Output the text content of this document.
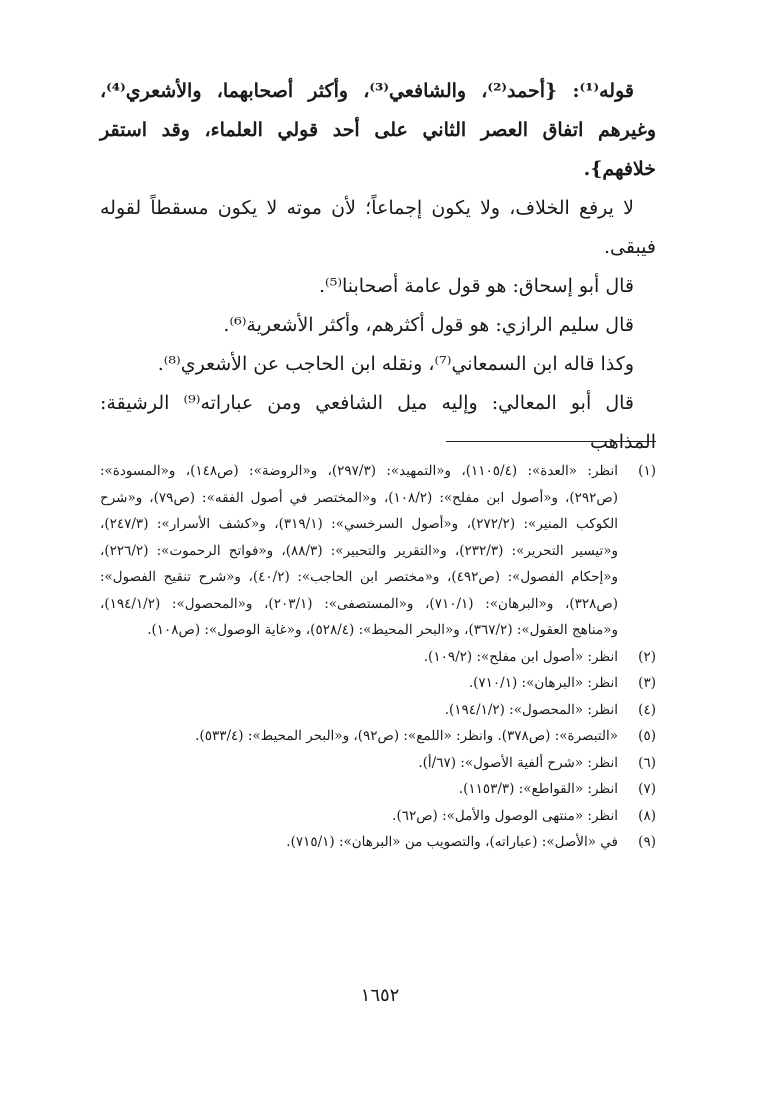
قوله⁽¹⁾: {أحمد⁽²⁾، والشافعي⁽³⁾، وأكثر أصحابهما، والأشعري⁽⁴⁾، وغيرهم اتفاق العصر الثاني على أحد قولي العلماء، وقد استقر خلافهم}.

لا يرفع الخلاف، ولا يكون إجماعاً؛ لأن موته لا يكون مسقطاً لقوله فيبقى.

قال أبو إسحاق: هو قول عامة أصحابنا⁽⁵⁾.

قال سليم الرازي: هو قول أكثرهم، وأكثر الأشعرية⁽⁶⁾.

وكذا قاله ابن السمعاني⁽⁷⁾، ونقله ابن الحاجب عن الأشعري⁽⁸⁾.

قال أبو المعالي: وإليه ميل الشافعي ومن عباراته⁽⁹⁾ الرشيقة: المذاهب

(١)
انظر: «العدة»: (١١٠٥/٤)، و«التمهيد»: (٢٩٧/٣)، و«الروضة»: (ص١٤٨)، و«المسودة»: (ص٢٩٢)، و«أصول ابن مفلح»: (١٠٨/٢)، و«المختصر في أصول الفقه»: (ص٧٩)، و«شرح الكوكب المنير»: (٢٧٢/٢)، و«أصول السرخسي»: (٣١٩/١)، و«كشف الأسرار»: (٢٤٧/٣)، و«تيسير التحرير»: (٢٣٢/٣)، و«التقرير والتحبير»: (٨٨/٣)، و«فواتح الرحموت»: (٢٢٦/٢)، و«إحكام الفصول»: (ص٤٩٢)، و«مختصر ابن الحاجب»: (٤٠/٢)، و«شرح تنقيح الفصول»: (ص٣٢٨)، و«البرهان»: (٧١٠/١)، و«المستصفى»: (٢٠٣/١)، و«المحصول»: (١٩٤/١/٢)، و«مناهج العقول»: (٣٦٧/٢)، و«البحر المحيط»: (٥٢٨/٤)، و«غاية الوصول»: (ص١٠٨).
(٢)
انظر: «أصول ابن مفلح»: (١٠٩/٢).
(٣)
انظر: «البرهان»: (٧١٠/١).
(٤)
انظر: «المحصول»: (١٩٤/١/٢).
(٥)
«التبصرة»: (ص٣٧٨). وانظر: «اللمع»: (ص٩٢)، و«البحر المحيط»: (٥٣٣/٤).
(٦)
انظر: «شرح ألفية الأصول»: (٦٧/أ).
(٧)
انظر: «القواطع»: (١١٥٣/٣).
(٨)
انظر: «منتهى الوصول والأمل»: (ص٦٢).
(٩)
في «الأصل»: (عباراته)، والتصويب من «البرهان»: (٧١٥/١).
١٦٥٢
